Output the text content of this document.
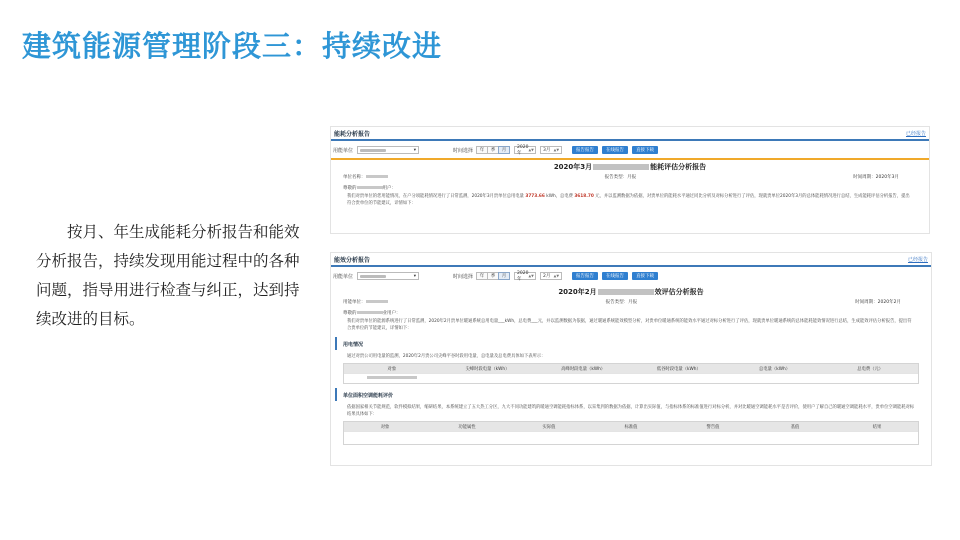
建筑能源管理阶段三：持续改进
按月、年生成能耗分析报告和能效分析报告，持续发现用能过程中的各种问题，指导用进行检查与纠正，达到持续改进的目标。
能耗分析报告	已经报告
用能单位	▾	时间选择	年	季	月
2020年
▲▼ 3月 ▲▼	报告报告	在线报告	直接下载
2020年3月	能耗评估分析报告
单位名称：	报告类型：月报	时间周期：2020年3月
尊敬的	用户：
我们对贵单位的您用能情况，在户分项能耗情况进行了日常监测，2020年3月贵单位总用电量 3773.66 kWh，总电费 3618.70 元，并以监测数据为依据，对贵单位的能耗水平通过同比分析及对标分析进行了评估，现就贵单位2020年3月的总体能耗情况进行总结，生成能耗评估分析报告，提出符合贵单位的节能建议，详情如下：
能效分析报告	已经报告
用能单位	▾	时间选择	年	季	月
2020年
▲▼ 2月 ▲▼	报告报告	在线报告	直接下载
2020年2月	效评估分析报告
用能单位：	报告类型：月报	时间周期：2020年2月
尊敬的	业用户：
我们对贵单位的能源系统进行了日常监测，2020年2月贵单位暖通系统总用电量___kWh，总电费___元，并以监测数据为依据，通过暖通系统能效模型分析，对贵单位暖通系统的能效水平通过对标分析进行了评估，现就贵单位暖通系统的总体能耗能效情况进行总结，生成能效评估分析报告，提出符合贵单位的节能建议，详情如下：
用电情况
通过对贵公司用电量的监测，2020年2月贵公司尖峰平谷时段用电量、总电量及总电费具体如下表所示：
对象	尖峰时段电量（kWh）	高峰时段电量（kWh）	低谷时段电量（kWh）	总电量（kWh）	总电费（元）
单位面积空调能耗评价
依据国家相关节能规范，软件模拟结果，缩研结果，本系统建立了五大热工分区，九大不同功能建筑的暖通空调能耗指标体系，以采集到的数据为依据，计算出实际值，与指标体系的标准值进行对标分析，并对比暖通空调能耗水平是否评价，使用户了解自己的暖通空调能耗水平，贵单位空调能耗对标结果具体如下：
对象	功能属性	实际值	标准值	警告值	基值	结果
